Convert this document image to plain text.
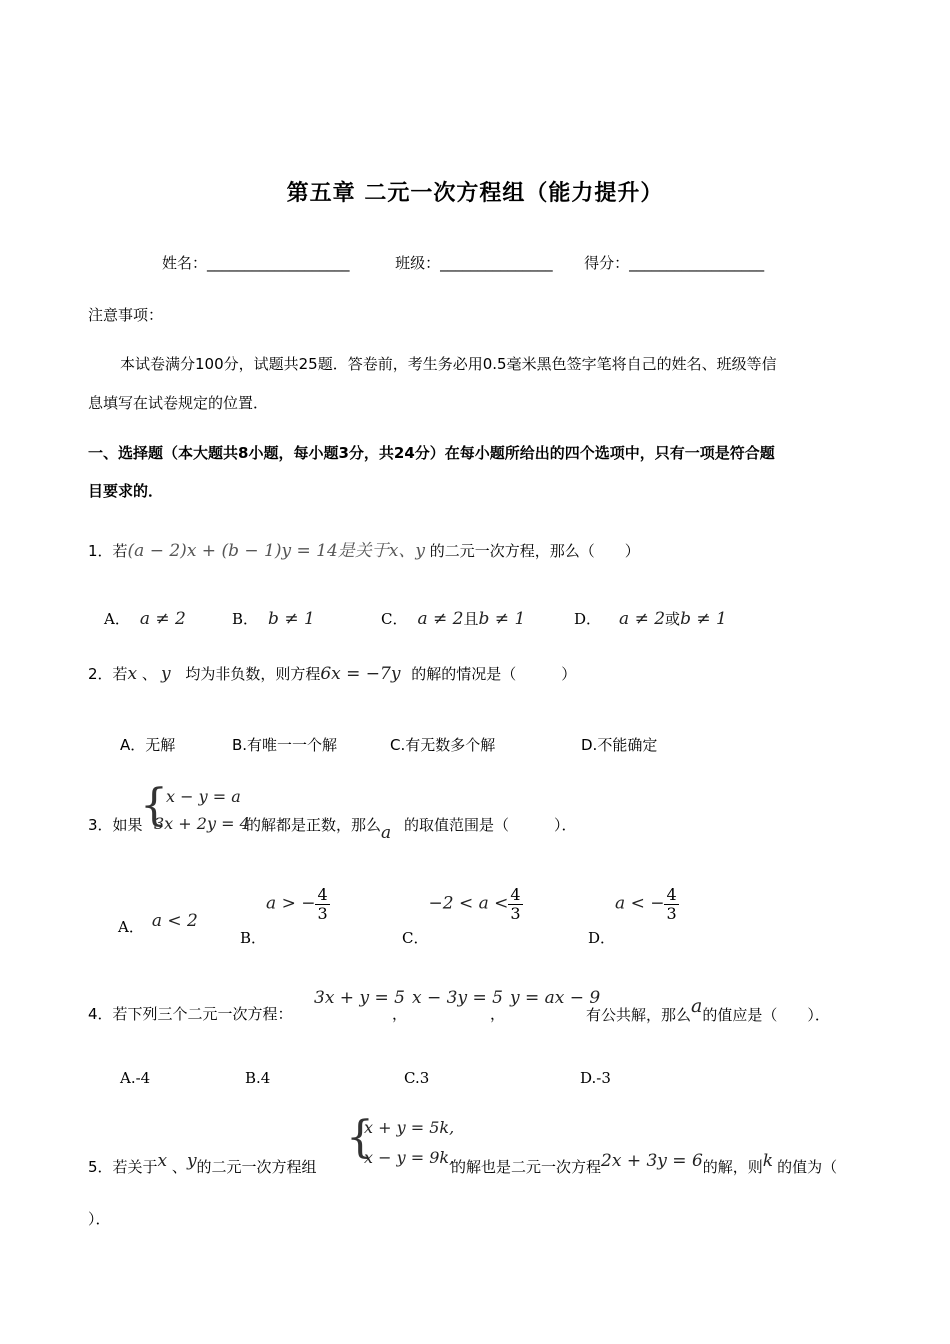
第五章 二元一次方程组（能力提升）
姓名：___________________	班级：_______________ 得分：__________________
注意事项：
本试卷满分100分，试题共25题．答卷前，考生务必用0.5毫米黑色签字笔将自己的姓名、班级等信
息填写在试卷规定的位置．
一、选择题（本大题共8小题，每小题3分，共24分）在每小题所给出的四个选项中，只有一项是符合题
目要求的．
1．若(a − 2)x + (b − 1)y = 14是关于x、y 的二元一次方程，那么（　　）
A． a ≠ 2	B． b ≠ 1	C． a ≠ 2且b ≠ 1	D． a ≠ 2或b ≠ 1
2．若x 、 y 均为非负数，则方程6x = −7y 的解的情况是（　　　）
A．无解	B.有唯一一个解	C.有无数多个解	D.不能确定
3．如果
{
x − y = a
3x + 2y = 4
的解都是正数，那么a 的取值范围是（　　　）．
A． a < 2
B．a > − $\frac{4}{3}$
C．$-2 < a < \frac{4}{3}$
D．a < − $\frac{4}{3}$
4．若下列三个二元一次方程：
3x + y = 5
，
x − 3y = 5
，
y = ax − 9
有公共解，那么a的值应是（　　）．
A.-4	B.4	C.3	D.-3
5．若关于x 、y的二元一次方程组
{
x + y = 5k,
x − y = 9k,
的解也是二元一次方程2x + 3y = 6的解，则k 的值为（
）．
